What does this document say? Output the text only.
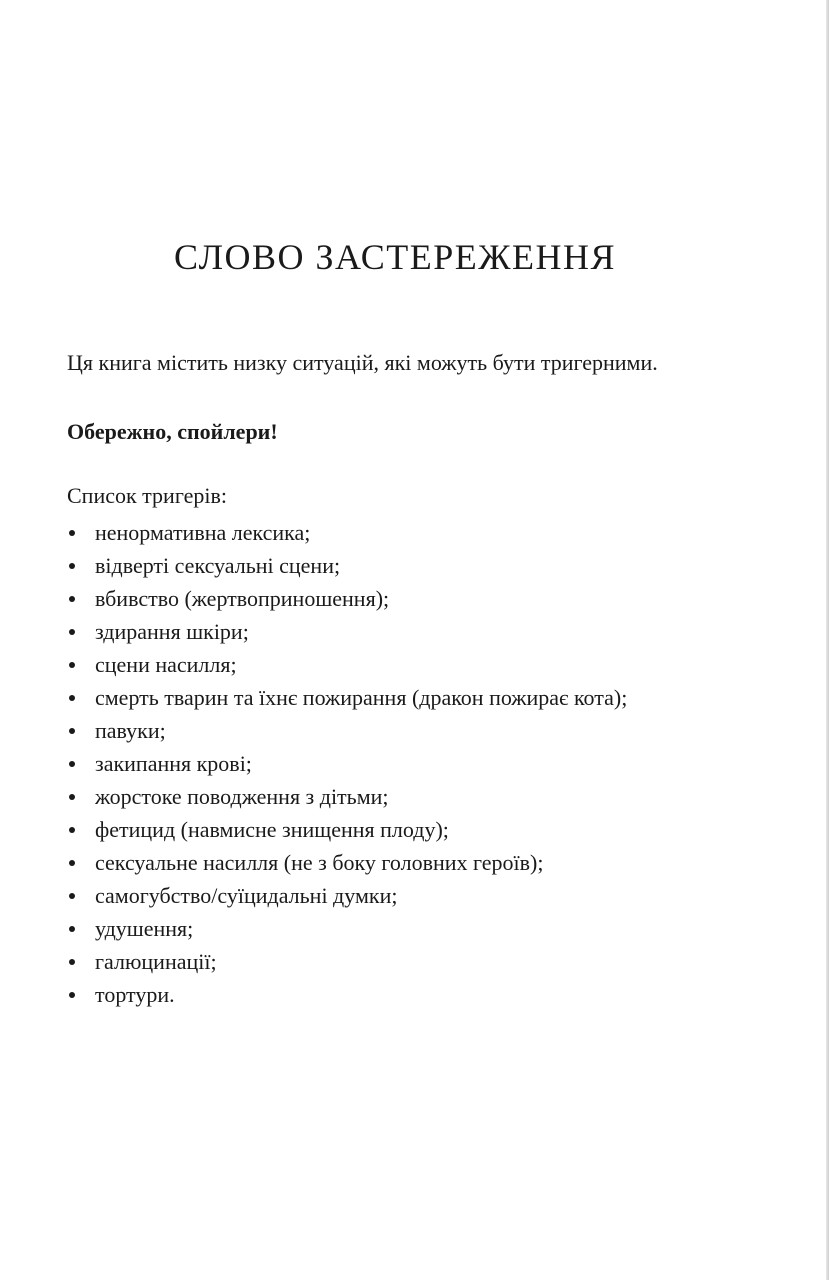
СЛОВО ЗАСТЕРЕЖЕННЯ

Ця книга містить низку ситуацій, які можуть бути тригерними.

Обережно, спойлери!

Список тригерів:

ненормативна лексика;
відверті сексуальні сцени;
вбивство (жертвоприношення);
здирання шкіри;
сцени насилля;
смерть тварин та їхнє пожирання (дракон пожирає кота);
павуки;
закипання крові;
жорстоке поводження з дітьми;
фетицид (навмисне знищення плоду);
сексуальне насилля (не з боку головних героїв);
самогубство/суїцидальні думки;
удушення;
галюцинації;
тортури.
